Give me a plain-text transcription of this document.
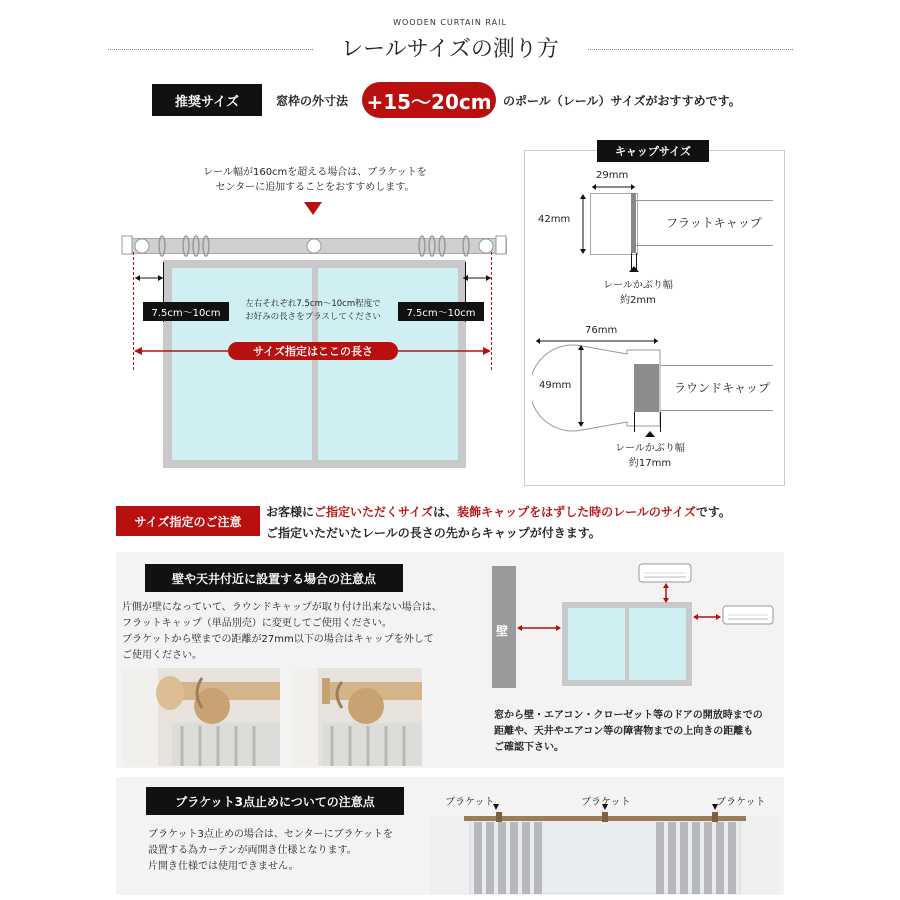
WOODEN CURTAIN RAIL
レールサイズの測り方
推奨サイズ	窓枠の外寸法 +15〜20cm のポール（レール）サイズがおすすめです。
レール幅が160cmを超える場合は、ブラケットを
センターに追加することをおすすめします。
7.5cm〜10cm	7.5cm〜10cm
左右それぞれ7.5cm〜10cm程度で
お好みの長さをプラスしてください
サイズ指定はここの長さ
キャップサイズ
29mm
42mm	フラットキャップ
レールかぶり幅
約2mm
76mm
49mm	ラウンドキャップ
レールかぶり幅
約17mm
サイズ指定のご注意
お客様にご指定いただくサイズは、装飾キャップをはずした時のレールのサイズです。
ご指定いただいたレールの長さの先からキャップが付きます。
壁や天井付近に設置する場合の注意点
片側が壁になっていて、ラウンドキャップが取り付け出来ない場合は、
フラットキャップ（単品別売）に変更してご使用ください。
ブラケットから壁までの距離が27mm以下の場合はキャップを外して
ご使用ください。
壁
窓から壁・エアコン・クローゼット等のドアの開放時までの
距離や、天井やエアコン等の障害物までの上向きの距離も
ご確認下さい。
ブラケット3点止めについての注意点
ブラケット3点止めの場合は、センターにブラケットを
設置する為カーテンが両開き仕様となります。
片開き仕様では使用できません。
ブラケット	ブラケット	ブラケット
